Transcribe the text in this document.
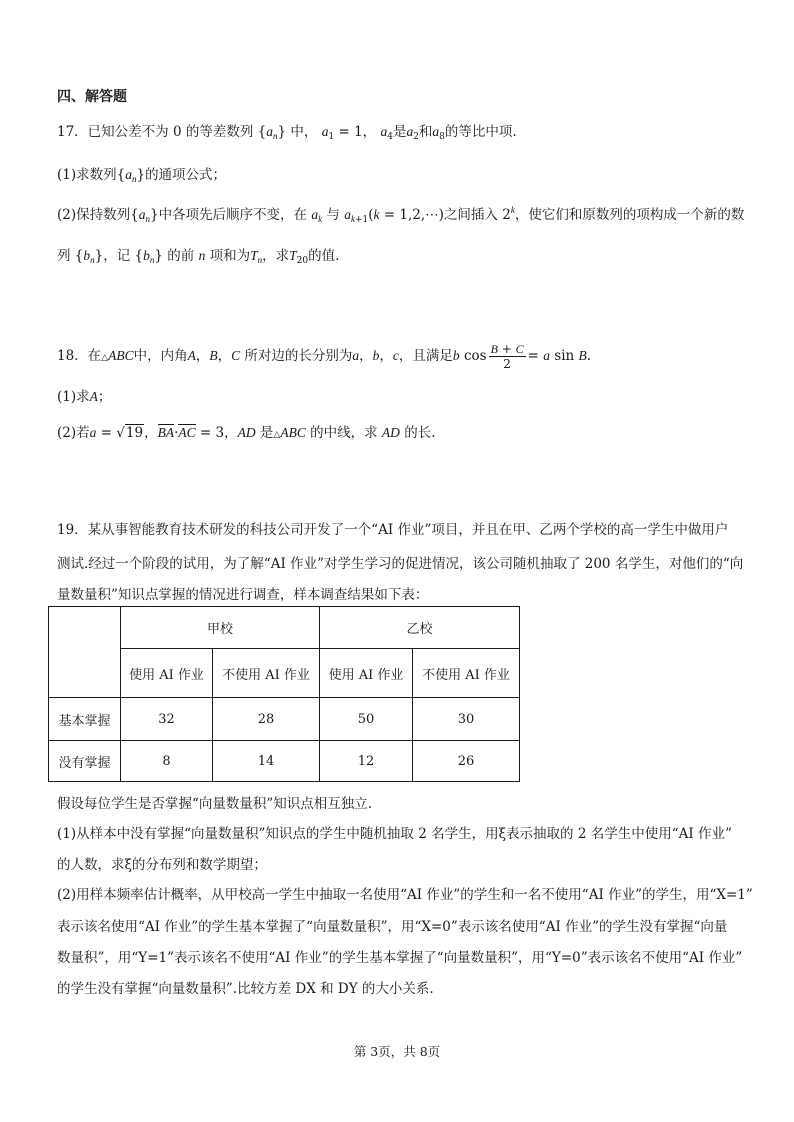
四、解答题
17．已知公差不为 0 的等差数列 $\{a_n\}$ 中， $a_1 = 1$， $a_4$是$a_2$和$a_8$的等比中项.
(1)求数列$\{a_n\}$的通项公式；
(2)保持数列$\{a_n\}$中各项先后顺序不变，在 $a_k$ 与 $a_{k+1}(k$ = 1,2,⋯)之间插入 2$^k$，使它们和原数列的项构成一个新的数
列 $\{b_n\}$，记 $\{b_n\}$ 的前 n 项和为$T_n$，求$T_{20}$的值.
18．在△ABC中，内角A，B，C 所对边的长分别为a，b，c，且满足b $\cos \frac{B + C}{2} = a$ sin B.
(1)求A；
(2)若a = √19，BA·AC = 3，AD 是△ABC 的中线，求 AD 的长.
19．某从事智能教育技术研发的科技公司开发了一个“AI 作业”项目，并且在甲、乙两个学校的高一学生中做用户
测试.经过一个阶段的试用，为了解“AI 作业”对学生学习的促进情况，该公司随机抽取了 200 名学生，对他们的“向
量数量积”知识点掌握的情况进行调查，样本调查结果如下表：
	甲校		乙校	
	使用 AI 作业	不使用 AI 作业	使用 AI 作业	不使用 AI 作业
基本掌握	32	28	50	30
没有掌握	8	14	12	26
假设每位学生是否掌握“向量数量积”知识点相互独立.
(1)从样本中没有掌握“向量数量积”知识点的学生中随机抽取 2 名学生，用ξ表示抽取的 2 名学生中使用“AI 作业”
的人数，求ξ的分布列和数学期望；
(2)用样本频率估计概率，从甲校高一学生中抽取一名使用“AI 作业”的学生和一名不使用“AI 作业”的学生，用“X=1”
表示该名使用“AI 作业”的学生基本掌握了“向量数量积”，用“X=0”表示该名使用“AI 作业”的学生没有掌握“向量
数量积”，用“Y=1”表示该名不使用“AI 作业”的学生基本掌握了“向量数量积”，用“Y=0”表示该名不使用“AI 作业”
的学生没有掌握“向量数量积”.比较方差 DX 和 DY 的大小关系.
第 3页，共 8页
